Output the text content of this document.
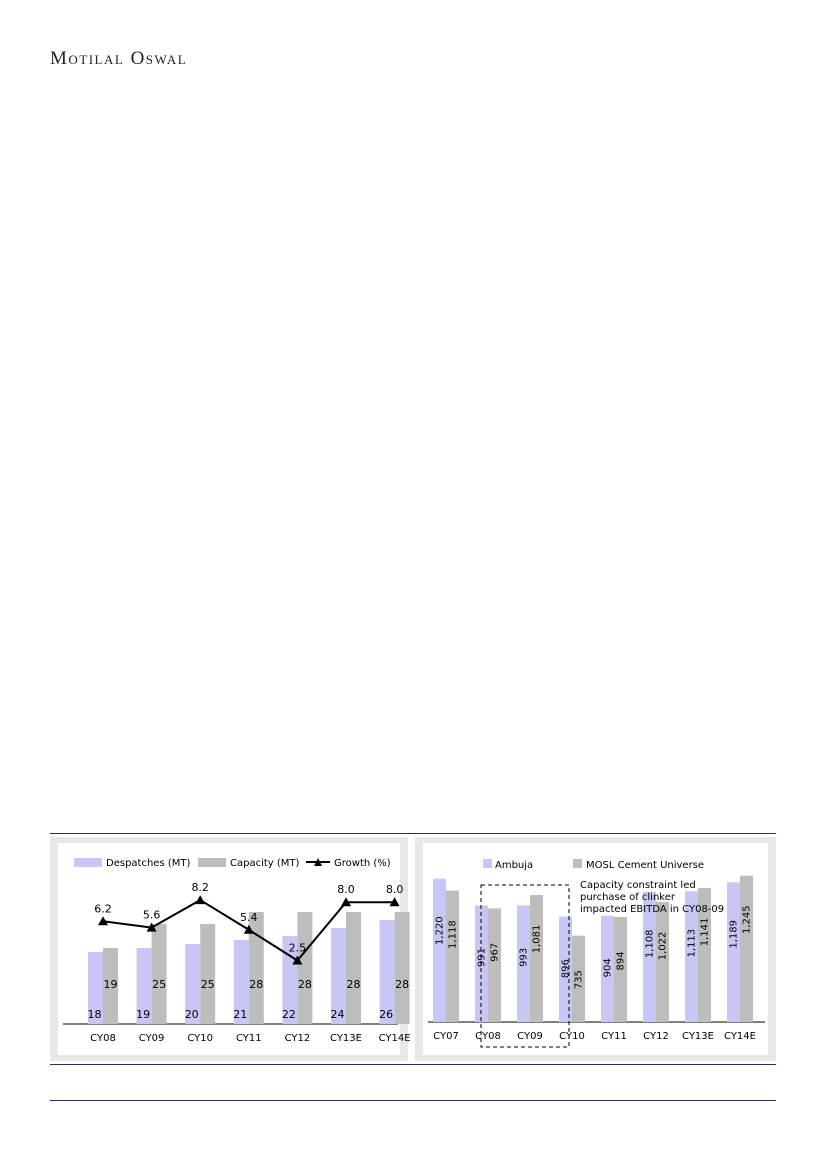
Motilal Oswal
Despatches (MT)	Capacity (MT)	Growth (%)
18
19
CY08
19
25
CY09
20
25
CY10
21
28
CY11
22
28
CY12
24
28
CY13E
26
28
CY14E
6.2	5.6
8.2
5.4
2.5
8.0	8.0
Ambuja	MOSL Cement Universe
1,220 1,118
CY07
991 967
CY08
993
1,081
CY09
896
735
CY10
904 894
CY11
1,108 1,022
CY12
1,113 1,141
CY13E
1,189
1,245
CY14E
Capacity constraint led purchase of clinker impacted EBITDA in CY08-09
